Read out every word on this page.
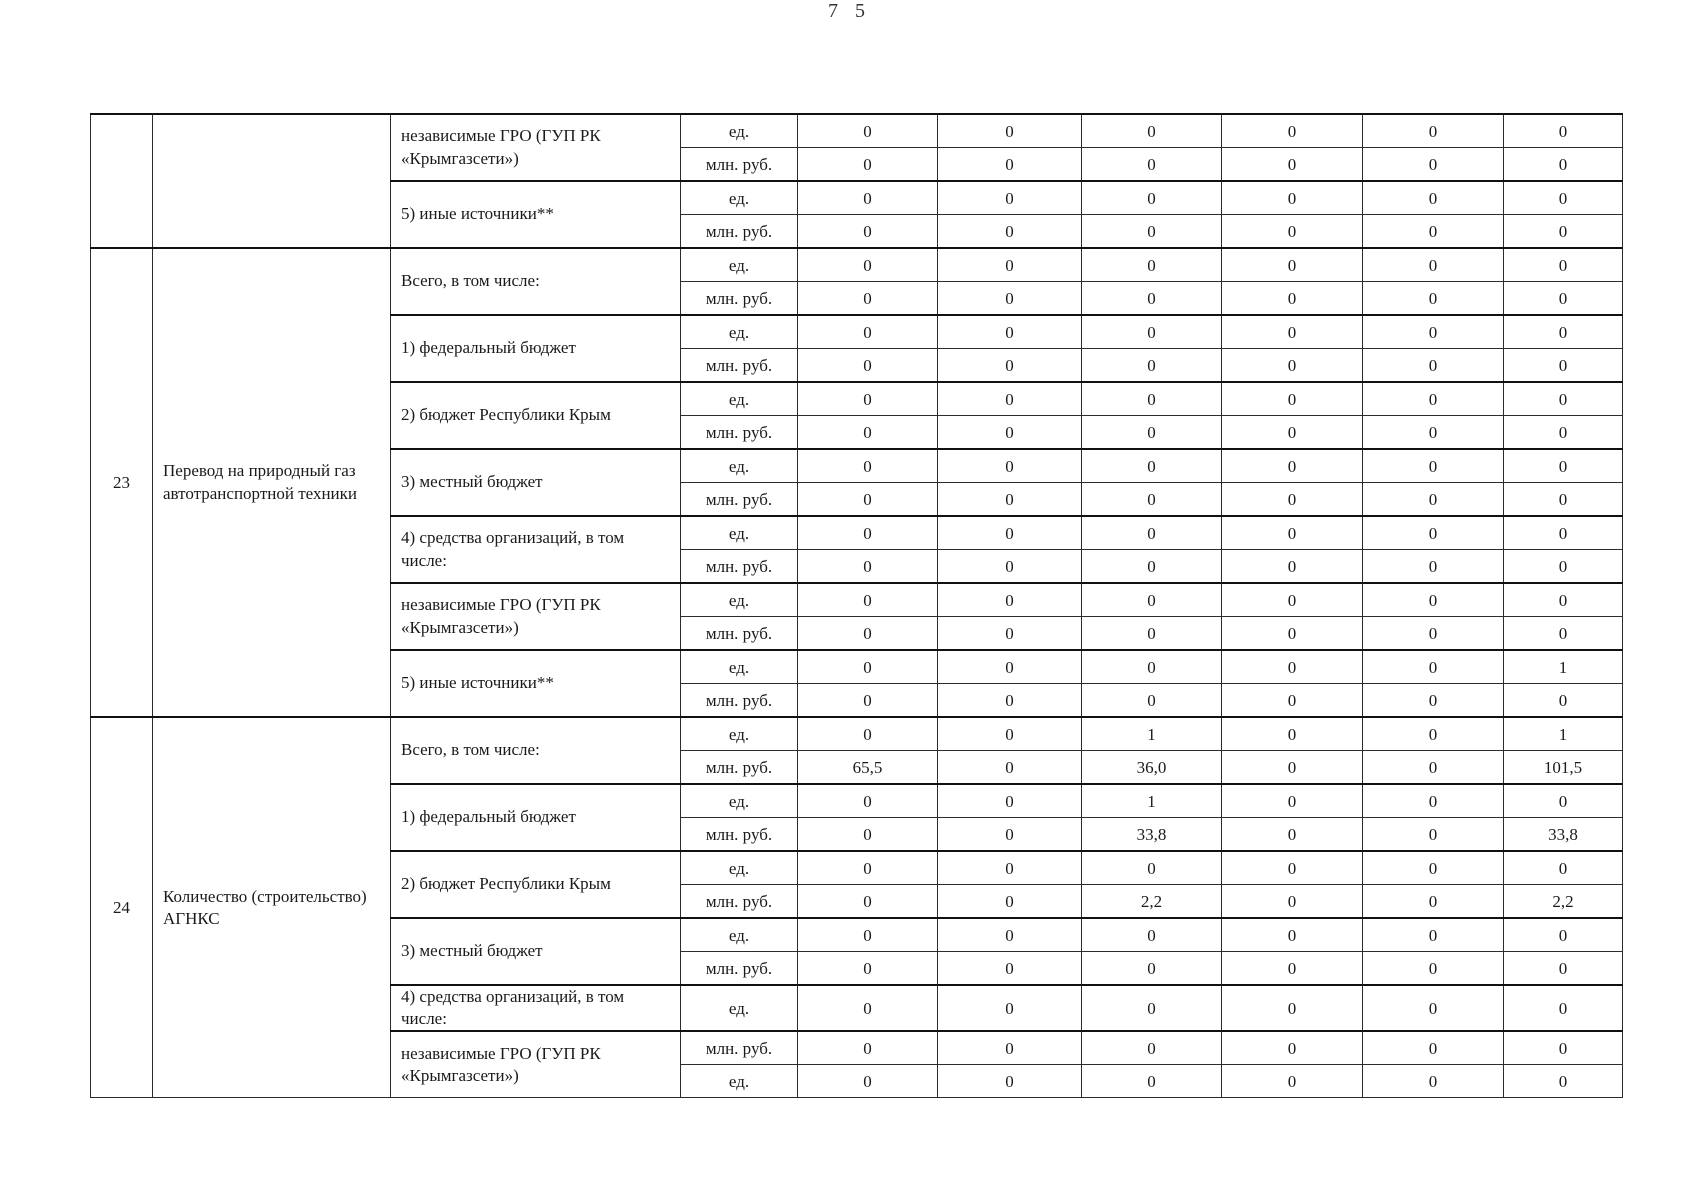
7 5
		независимые ГРО (ГУП РК «Крымгазсети»)	ед.	0	0	0	0	0	0
			млн. руб.	0	0	0	0	0	0
		5) иные источники**	ед.	0	0	0	0	0	0
			млн. руб.	0	0	0	0	0	0
23	Перевод на природный газ автотранспортной техники	Всего, в том числе:	ед.	0	0	0	0	0	0
			млн. руб.	0	0	0	0	0	0
		1) федеральный бюджет	ед.	0	0	0	0	0	0
			млн. руб.	0	0	0	0	0	0
		2) бюджет Республики Крым	ед.	0	0	0	0	0	0
			млн. руб.	0	0	0	0	0	0
		3) местный бюджет	ед.	0	0	0	0	0	0
			млн. руб.	0	0	0	0	0	0
		4) средства организаций, в том числе:	ед.	0	0	0	0	0	0
			млн. руб.	0	0	0	0	0	0
		независимые ГРО (ГУП РК «Крымгазсети»)	ед.	0	0	0	0	0	0
			млн. руб.	0	0	0	0	0	0
		5) иные источники**	ед.	0	0	0	0	0	1
			млн. руб.	0	0	0	0	0	0
24	Количество (строительство) АГНКС	Всего, в том числе:	ед.	0	0	1	0	0	1
			млн. руб.	65,5	0	36,0	0	0	101,5
		1) федеральный бюджет	ед.	0	0	1	0	0	0
			млн. руб.	0	0	33,8	0	0	33,8
		2) бюджет Республики Крым	ед.	0	0	0	0	0	0
			млн. руб.	0	0	2,2	0	0	2,2
		3) местный бюджет	ед.	0	0	0	0	0	0
			млн. руб.	0	0	0	0	0	0
		4) средства организаций, в том числе:	ед.	0	0	0	0	0	0
		независимые ГРО (ГУП РК «Крымгазсети»)	млн. руб.	0	0	0	0	0	0
			ед.	0	0	0	0	0	0
